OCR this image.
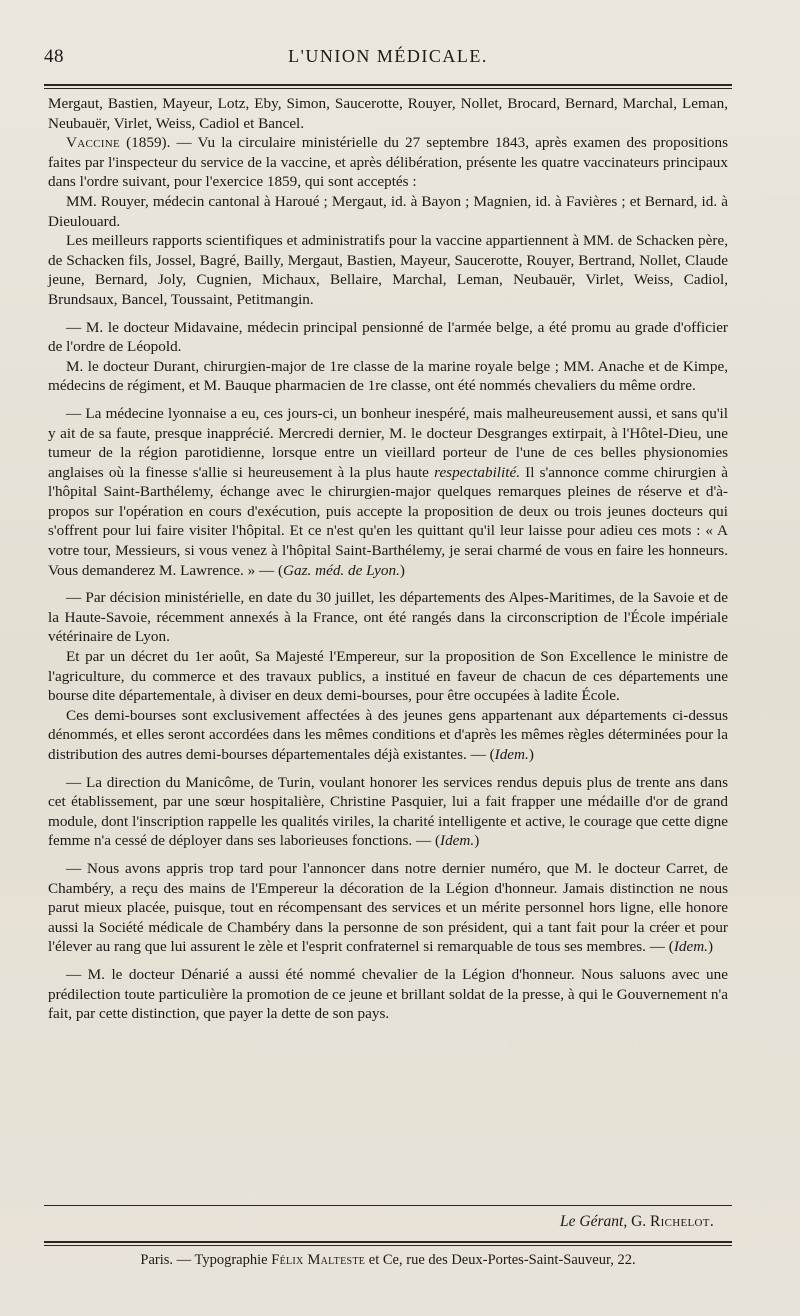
48	L'UNION MÉDICALE.

Mergaut, Bastien, Mayeur, Lotz, Eby, Simon, Saucerotte, Rouyer, Nollet, Brocard, Bernard, Marchal, Leman, Neubauër, Virlet, Weiss, Cadiol et Bancel.

Vaccine (1859). — Vu la circulaire ministérielle du 27 septembre 1843, après examen des propositions faites par l'inspecteur du service de la vaccine, et après délibération, présente les quatre vaccinateurs principaux dans l'ordre suivant, pour l'exercice 1859, qui sont acceptés :

MM. Rouyer, médecin cantonal à Haroué ; Mergaut, id. à Bayon ; Magnien, id. à Favières ; et Bernard, id. à Dieulouard.

Les meilleurs rapports scientifiques et administratifs pour la vaccine appartiennent à MM. de Schacken père, de Schacken fils, Jossel, Bagré, Bailly, Mergaut, Bastien, Mayeur, Saucerotte, Rouyer, Bertrand, Nollet, Claude jeune, Bernard, Joly, Cugnien, Michaux, Bellaire, Marchal, Leman, Neubauër, Virlet, Weiss, Cadiol, Brundsaux, Bancel, Toussaint, Petitmangin.

— M. le docteur Midavaine, médecin principal pensionné de l'armée belge, a été promu au grade d'officier de l'ordre de Léopold.

M. le docteur Durant, chirurgien-major de 1re classe de la marine royale belge ; MM. Anache et de Kimpe, médecins de régiment, et M. Bauque pharmacien de 1re classe, ont été nommés chevaliers du même ordre.

— La médecine lyonnaise a eu, ces jours-ci, un bonheur inespéré, mais malheureusement aussi, et sans qu'il y ait de sa faute, presque inapprécié. Mercredi dernier, M. le docteur Desgranges extirpait, à l'Hôtel-Dieu, une tumeur de la région parotidienne, lorsque entre un vieillard porteur de l'une de ces belles physionomies anglaises où la finesse s'allie si heureusement à la plus haute respectabilité. Il s'annonce comme chirurgien à l'hôpital Saint-Barthélemy, échange avec le chirurgien-major quelques remarques pleines de réserve et d'à-propos sur l'opération en cours d'exécution, puis accepte la proposition de deux ou trois jeunes docteurs qui s'offrent pour lui faire visiter l'hôpital. Et ce n'est qu'en les quittant qu'il leur laisse pour adieu ces mots : « A votre tour, Messieurs, si vous venez à l'hôpital Saint-Barthélemy, je serai charmé de vous en faire les honneurs. Vous demanderez M. Lawrence. » — (Gaz. méd. de Lyon.)

— Par décision ministérielle, en date du 30 juillet, les départements des Alpes-Maritimes, de la Savoie et de la Haute-Savoie, récemment annexés à la France, ont été rangés dans la circonscription de l'École impériale vétérinaire de Lyon.

Et par un décret du 1er août, Sa Majesté l'Empereur, sur la proposition de Son Excellence le ministre de l'agriculture, du commerce et des travaux publics, a institué en faveur de chacun de ces départements une bourse dite départementale, à diviser en deux demi-bourses, pour être occupées à ladite École.

Ces demi-bourses sont exclusivement affectées à des jeunes gens appartenant aux départements ci-dessus dénommés, et elles seront accordées dans les mêmes conditions et d'après les mêmes règles déterminées pour la distribution des autres demi-bourses départementales déjà existantes. — (Idem.)

— La direction du Manicôme, de Turin, voulant honorer les services rendus depuis plus de trente ans dans cet établissement, par une sœur hospitalière, Christine Pasquier, lui a fait frapper une médaille d'or de grand module, dont l'inscription rappelle les qualités viriles, la charité intelligente et active, le courage que cette digne femme n'a cessé de déployer dans ses laborieuses fonctions. — (Idem.)

— Nous avons appris trop tard pour l'annoncer dans notre dernier numéro, que M. le docteur Carret, de Chambéry, a reçu des mains de l'Empereur la décoration de la Légion d'honneur. Jamais distinction ne nous parut mieux placée, puisque, tout en récompensant des services et un mérite personnel hors ligne, elle honore aussi la Société médicale de Chambéry dans la personne de son président, qui a tant fait pour la créer et pour l'élever au rang que lui assurent le zèle et l'esprit confraternel si remarquable de tous ses membres. — (Idem.)

— M. le docteur Dénarié a aussi été nommé chevalier de la Légion d'honneur. Nous saluons avec une prédilection toute particulière la promotion de ce jeune et brillant soldat de la presse, à qui le Gouvernement n'a fait, par cette distinction, que payer la dette de son pays.

Le Gérant, G. Richelot.
Paris. — Typographie Félix Malteste et Ce, rue des Deux-Portes-Saint-Sauveur, 22.
